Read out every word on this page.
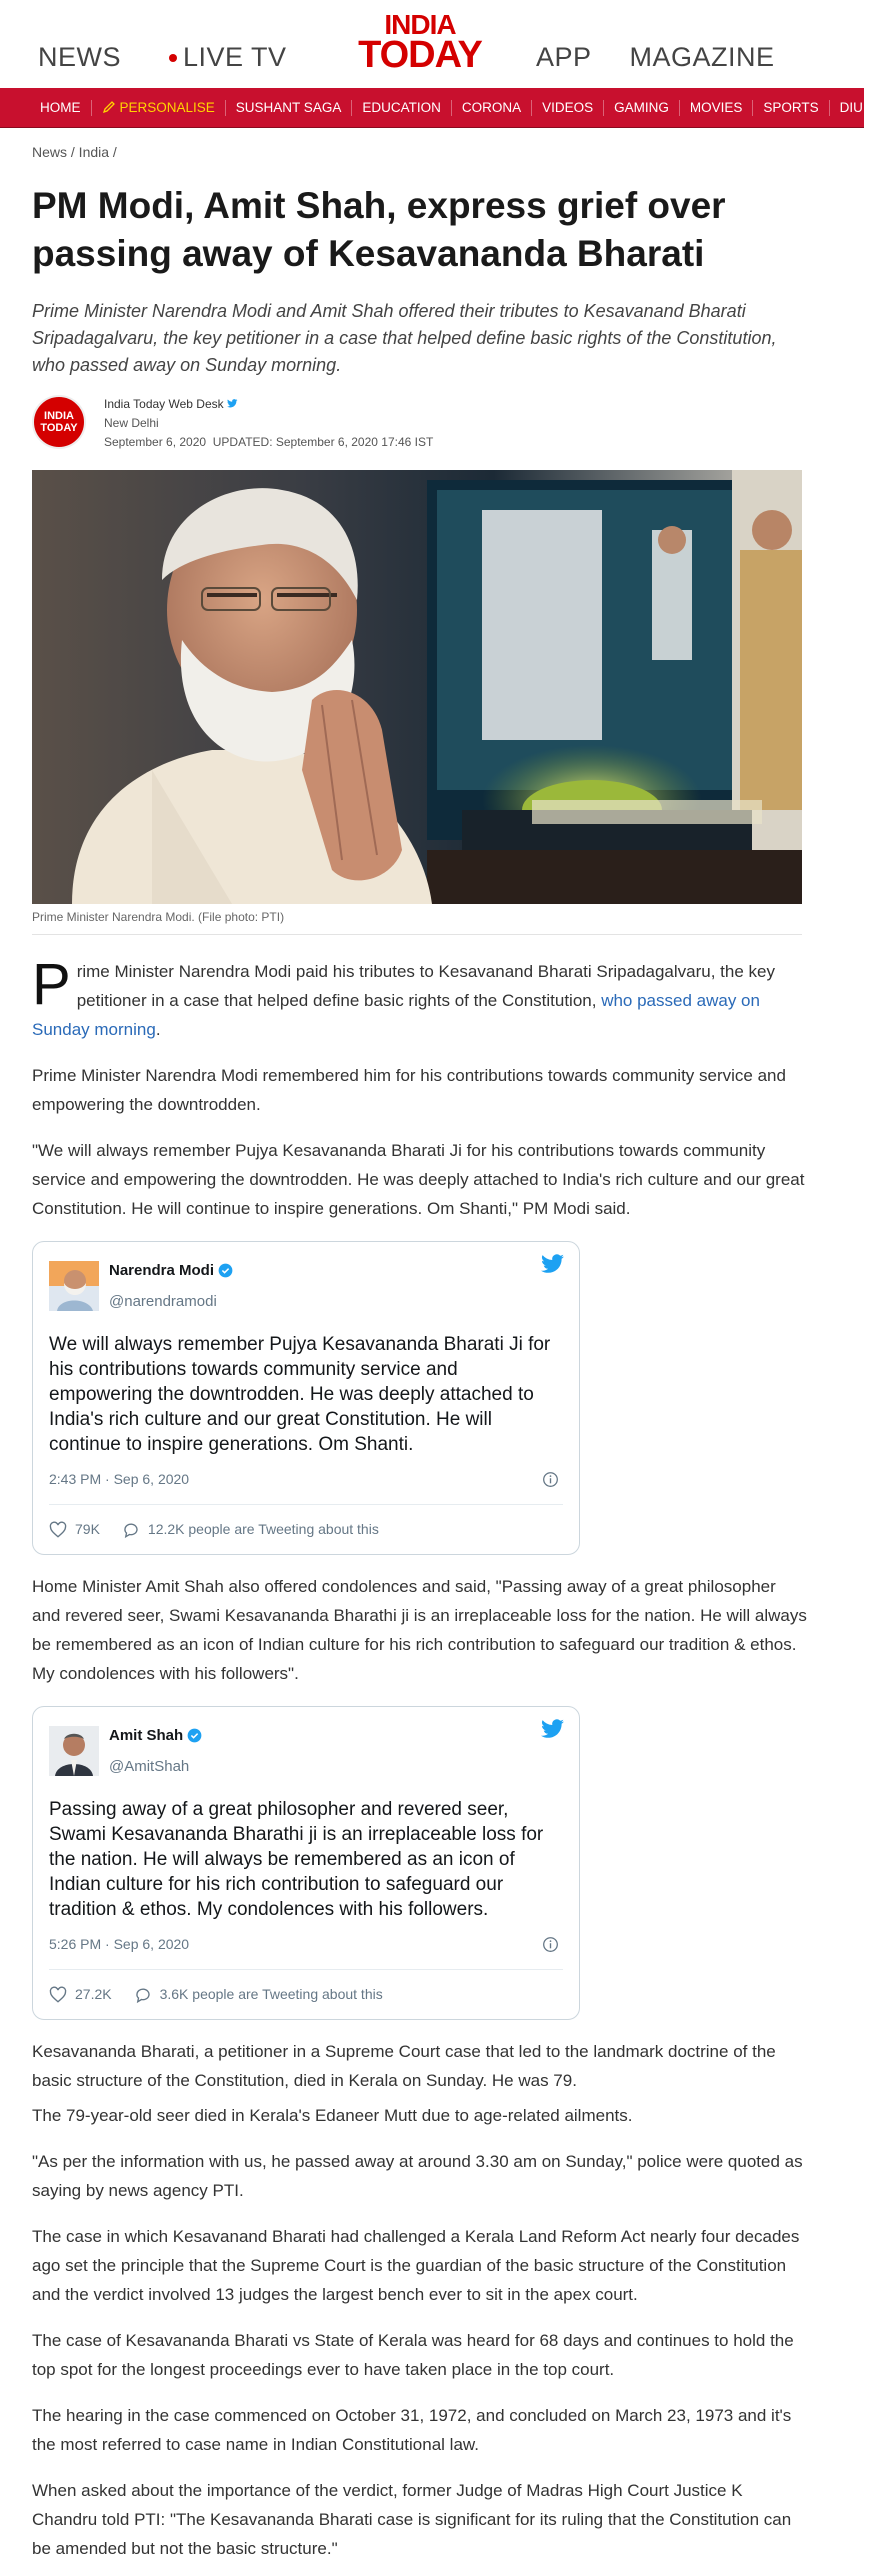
NEWS LIVE TV
INDIA
TODAY	APP MAGAZINE
HOME	PERSONALISE	SUSHANT SAGA	EDUCATION	CORONA	VIDEOS	GAMING	MOVIES	SPORTS	DIU
News / India /
PM Modi, Amit Shah, express grief over passing away of Kesavananda Bharati
Prime Minister Narendra Modi and Amit Shah offered their tributes to Kesavanand Bharati Sripadagalvaru, the key petitioner in a case that helped define basic rights of the Constitution, who passed away on Sunday morning.
INDIA
TODAY
India Today Web Desk
New Delhi
September 6, 2020 UPDATED: September 6, 2020 17:46 IST
Prime Minister Narendra Modi. (File photo: PTI)

Prime Minister Narendra Modi paid his tributes to Kesavanand Bharati Sripadagalvaru, the key petitioner in a case that helped define basic rights of the Constitution, who passed away on Sunday morning.

Prime Minister Narendra Modi remembered him for his contributions towards community service and empowering the downtrodden.

"We will always remember Pujya Kesavananda Bharati Ji for his contributions towards community service and empowering the downtrodden. He was deeply attached to India's rich culture and our great Constitution. He will continue to inspire generations. Om Shanti," PM Modi said.

Narendra Modi
@narendramodi
We will always remember Pujya Kesavananda Bharati Ji for his contributions towards community service and empowering the downtrodden. He was deeply attached to India's rich culture and our great Constitution. He will continue to inspire generations. Om Shanti.
2:43 PM · Sep 6, 2020
79K	12.2K people are Tweeting about this

Home Minister Amit Shah also offered condolences and said, "Passing away of a great philosopher and revered seer, Swami Kesavananda Bharathi ji is an irreplaceable loss for the nation. He will always be remembered as an icon of Indian culture for his rich contribution to safeguard our tradition & ethos. My condolences with his followers".

Amit Shah
@AmitShah
Passing away of a great philosopher and revered seer, Swami Kesavananda Bharathi ji is an irreplaceable loss for the nation. He will always be remembered as an icon of Indian culture for his rich contribution to safeguard our tradition & ethos. My condolences with his followers.
5:26 PM · Sep 6, 2020
27.2K	3.6K people are Tweeting about this

Kesavananda Bharati, a petitioner in a Supreme Court case that led to the landmark doctrine of the basic structure of the Constitution, died in Kerala on Sunday. He was 79.

The 79-year-old seer died in Kerala's Edaneer Mutt due to age-related ailments.

"As per the information with us, he passed away at around 3.30 am on Sunday," police were quoted as saying by news agency PTI.

The case in which Kesavanand Bharati had challenged a Kerala Land Reform Act nearly four decades ago set the principle that the Supreme Court is the guardian of the basic structure of the Constitution and the verdict involved 13 judges the largest bench ever to sit in the apex court.

The case of Kesavananda Bharati vs State of Kerala was heard for 68 days and continues to hold the top spot for the longest proceedings ever to have taken place in the top court.

The hearing in the case commenced on October 31, 1972, and concluded on March 23, 1973 and it's the most referred to case name in Indian Constitutional law.

When asked about the importance of the verdict, former Judge of Madras High Court Justice K Chandru told PTI: "The Kesavananda Bharati case is significant for its ruling that the Constitution can be amended but not the basic structure."
